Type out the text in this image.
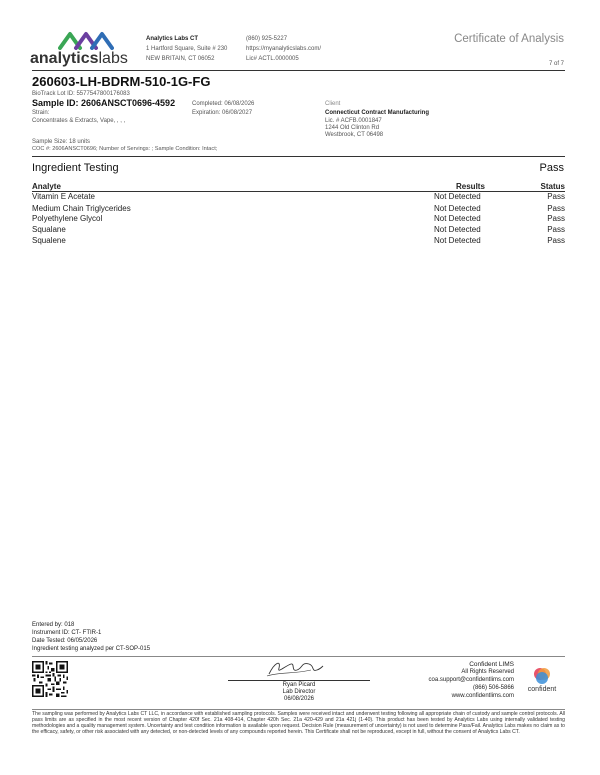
analyticslabs
Analytics Labs CT
1 Hartford Square, Suite # 230
NEW BRITAIN, CT 06052
(860) 925-5227
https://myanalyticslabs.com/
Lic# ACTL.0000005
Certificate of Analysis
7 of 7
260603-LH-BDRM-510-1G-FG
BioTrack Lot ID: 5577547800176083
Sample ID: 2606ANSCT0696-4592	Completed: 06/08/2026
Strain:	Expiration: 06/08/2027
Concentrates & Extracts, Vape, , , ,
Client
Connecticut Contract Manufacturing
Lic. # ACFB.0001847
1244 Old Clinton Rd
Westbrook, CT 06498
Sample Size: 18 units
COC #: 2606ANSCT0696; Number of Servings: ; Sample Condition: Intact;
Ingredient Testing	Pass
Analyte	Results	Status
Vitamin E Acetate	Not Detected	Pass
Medium Chain Triglycerides	Not Detected	Pass
Polyethylene Glycol	Not Detected	Pass
Squalane	Not Detected	Pass
Squalene	Not Detected	Pass
Entered by: 018
Instrument ID: CT- FTIR-1
Date Tested: 06/05/2026
Ingredient testing analyzed per CT-SOP-015
Ryan Picard
Lab Director
06/08/2026
Confident LIMS
All Rights Reserved
coa.support@confidentlims.com
(866) 506-5866
www.confidentlims.com
confident
The sampling was performed by Analytics Labs CT LLC, in accordance with established sampling protocols. Samples were received intact and underwent testing following all appropriate chain of custody and sample control protocols. All pass limits are as specified in the most recent version of Chapter 420f Sec. 21a 408-414, Chapter 420h Sec. 21a 420-429 and 21a 421j (1-40). This product has been tested by Analytics Labs using internally validated testing methodologies and a quality management system. Uncertainty and test condition information is available upon request. Decision Rule (measurement of uncertainty) is not used to determine Pass/Fail. Analytics Labs makes no claim as to the efficacy, safety, or other risk associated with any detected, or non-detected levels of any compounds reported herein. This Certificate shall not be reproduced, except in full, without the consent of Analytics Labs CT.
